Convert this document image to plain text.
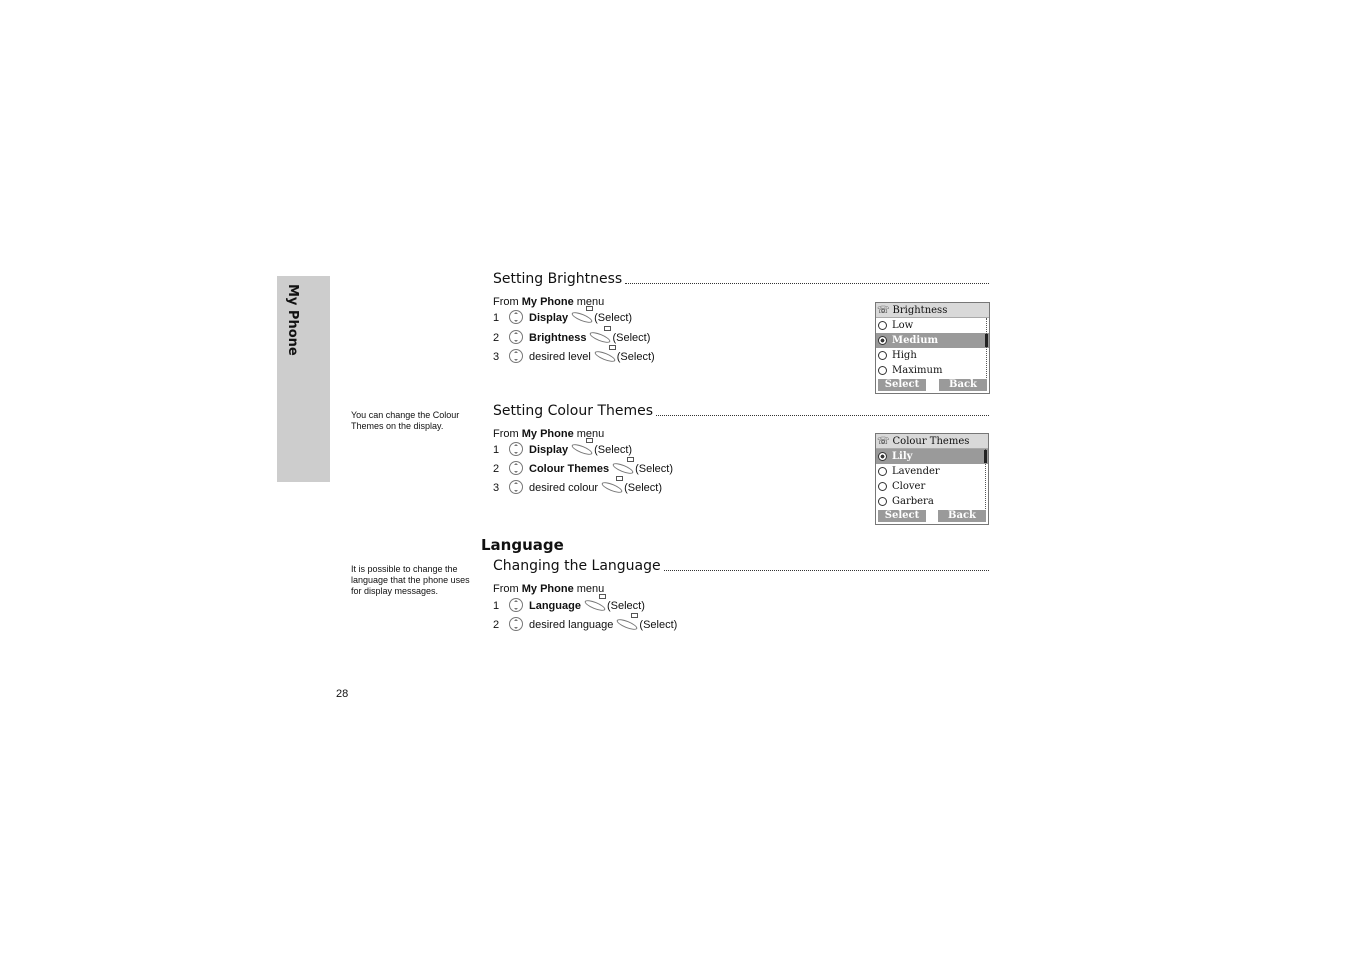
My Phone
Setting Brightness
From My Phone menu
1	Display (Select)
2	Brightness (Select)
3	desired level (Select)
☏ Brightness
Low
Medium
High
Maximum
Select	Back
You can change the Colour Themes on the display.
Setting Colour Themes
From My Phone menu
1	Display (Select)
2	Colour Themes (Select)
3	desired colour (Select)
☏ Colour Themes
Lily
Lavender
Clover
Garbera
Select	Back
Language
It is possible to change the language that the phone uses for display messages.
Changing the Language
From My Phone menu
1	Language (Select)
2	desired language (Select)
28
